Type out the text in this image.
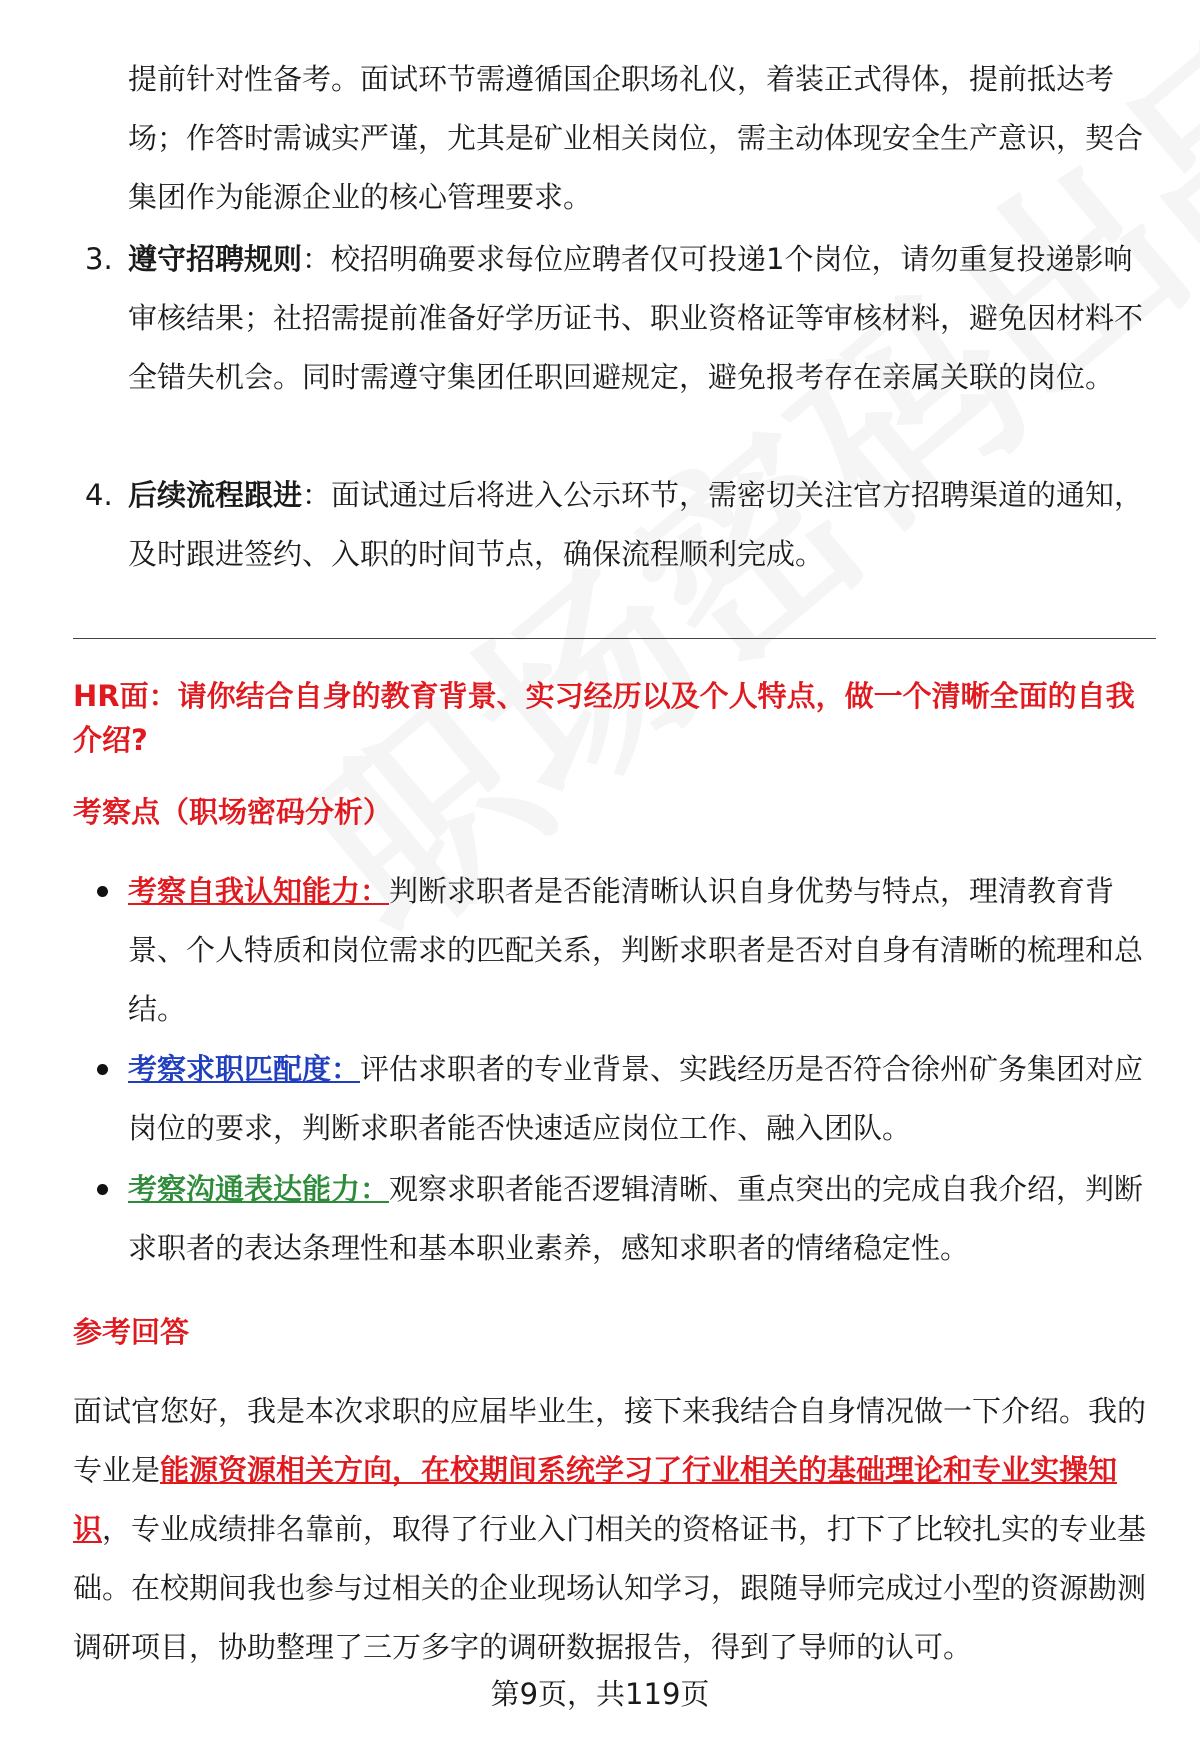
提前针对性备考。面试环节需遵循国企职场礼仪，着装正式得体，提前抵达考场；作答时需诚实严谨，尤其是矿业相关岗位，需主动体现安全生产意识，契合集团作为能源企业的核心管理要求。
3. 遵守招聘规则：校招明确要求每位应聘者仅可投递1个岗位，请勿重复投递影响审核结果；社招需提前准备好学历证书、职业资格证等审核材料，避免因材料不全错失机会。同时需遵守集团任职回避规定，避免报考存在亲属关联的岗位。
4. 后续流程跟进：面试通过后将进入公示环节，需密切关注官方招聘渠道的通知，及时跟进签约、入职的时间节点，确保流程顺利完成。
HR面：请你结合自身的教育背景、实习经历以及个人特点，做一个清晰全面的自我介绍?
考察点（职场密码分析）
考察自我认知能力：判断求职者是否能清晰认识自身优势与特点，理清教育背景、个人特质和岗位需求的匹配关系，判断求职者是否对自身有清晰的梳理和总结。
考察求职匹配度：评估求职者的专业背景、实践经历是否符合徐州矿务集团对应岗位的要求，判断求职者能否快速适应岗位工作、融入团队。
考察沟通表达能力：观察求职者能否逻辑清晰、重点突出的完成自我介绍，判断求职者的表达条理性和基本职业素养，感知求职者的情绪稳定性。
参考回答
面试官您好，我是本次求职的应届毕业生，接下来我结合自身情况做一下介绍。我的专业是能源资源相关方向，在校期间系统学习了行业相关的基础理论和专业实操知识，专业成绩排名靠前，取得了行业入门相关的资格证书，打下了比较扎实的专业基础。在校期间我也参与过相关的企业现场认知学习，跟随导师完成过小型的资源勘测调研项目，协助整理了三万多字的调研数据报告，得到了导师的认可。
第9页，共119页
